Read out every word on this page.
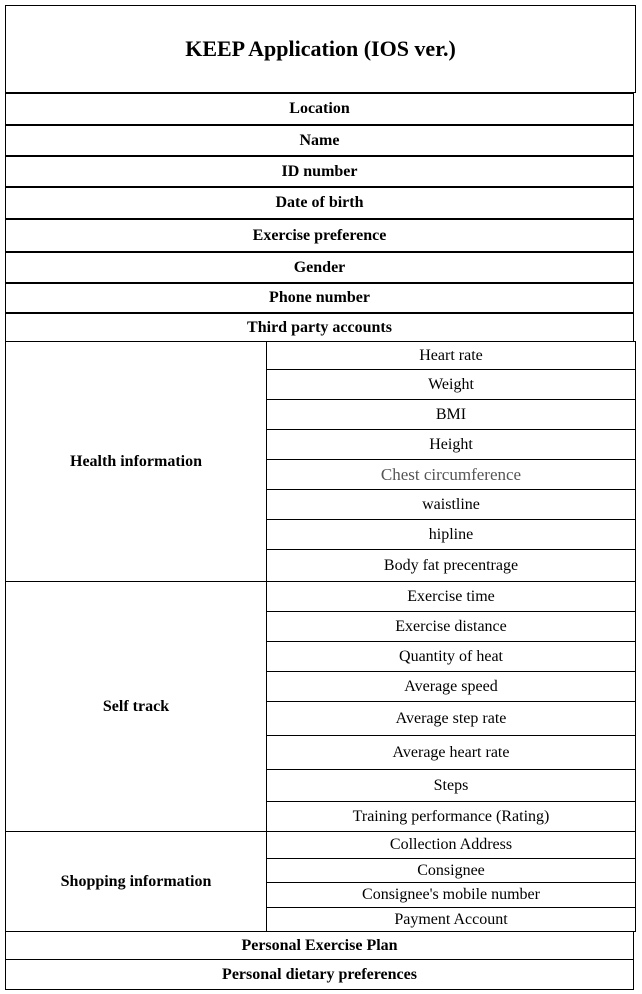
KEEP Application (IOS ver.)
Location
Name
ID number
Date of birth
Exercise preference
Gender
Phone number
Third party accounts
Health information
Heart rate
Weight
BMI
Height
Chest circumference
waistline
hipline
Body fat precentrage
Self track
Exercise time
Exercise distance
Quantity of heat
Average speed
Average step rate
Average heart rate
Steps
Training performance (Rating)
Shopping information
Collection Address
Consignee
Consignee's mobile number
Payment Account
Personal Exercise Plan
Personal dietary preferences
